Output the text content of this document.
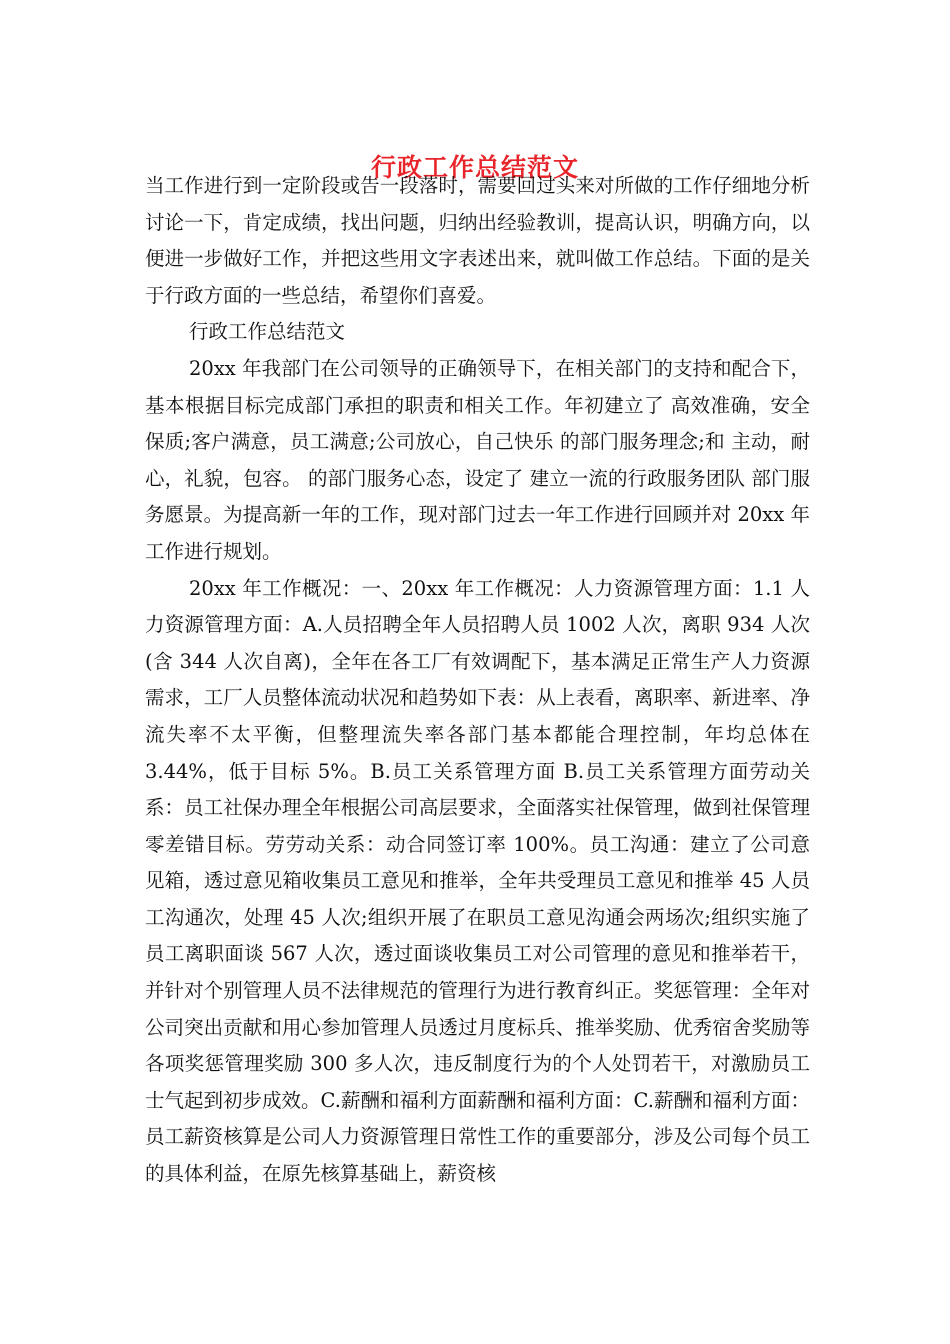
行政工作总结范文

当工作进行到一定阶段或告一段落时，需要回过头来对所做的工作仔细地分析讨论一下，肯定成绩，找出问题，归纳出经验教训，提高认识，明确方向，以便进一步做好工作，并把这些用文字表述出来，就叫做工作总结。下面的是关于行政方面的一些总结，希望你们喜爱。

行政工作总结范文

20xx 年我部门在公司领导的正确领导下，在相关部门的支持和配合下，基本根据目标完成部门承担的职责和相关工作。年初建立了 高效准确，安全保质;客户满意，员工满意;公司放心，自己快乐 的部门服务理念;和 主动，耐心，礼貌，包容。 的部门服务心态，设定了 建立一流的行政服务团队 部门服务愿景。为提高新一年的工作，现对部门过去一年工作进行回顾并对 20xx 年工作进行规划。

20xx 年工作概况：一、20xx 年工作概况：人力资源管理方面：1.1 人力资源管理方面：A.人员招聘全年人员招聘人员 1002 人次，离职 934 人次(含 344 人次自离)，全年在各工厂有效调配下，基本满足正常生产人力资源需求，工厂人员整体流动状况和趋势如下表：从上表看，离职率、新进率、净流失率不太平衡，但整理流失率各部门基本都能合理控制，年均总体在 3.44%，低于目标 5%。B.员工关系管理方面 B.员工关系管理方面劳动关系：员工社保办理全年根据公司高层要求，全面落实社保管理，做到社保管理零差错目标。劳劳动关系：动合同签订率 100%。员工沟通：建立了公司意见箱，透过意见箱收集员工意见和推举，全年共受理员工意见和推举 45 人员工沟通次，处理 45 人次;组织开展了在职员工意见沟通会两场次;组织实施了员工离职面谈 567 人次，透过面谈收集员工对公司管理的意见和推举若干，并针对个别管理人员不法律规范的管理行为进行教育纠正。奖惩管理：全年对公司突出贡献和用心参加管理人员透过月度标兵、推举奖励、优秀宿舍奖励等各项奖惩管理奖励 300 多人次，违反制度行为的个人处罚若干，对激励员工士气起到初步成效。C.薪酬和福利方面薪酬和福利方面：C.薪酬和福利方面：员工薪资核算是公司人力资源管理日常性工作的重要部分，涉及公司每个员工的具体利益，在原先核算基础上，薪资核
